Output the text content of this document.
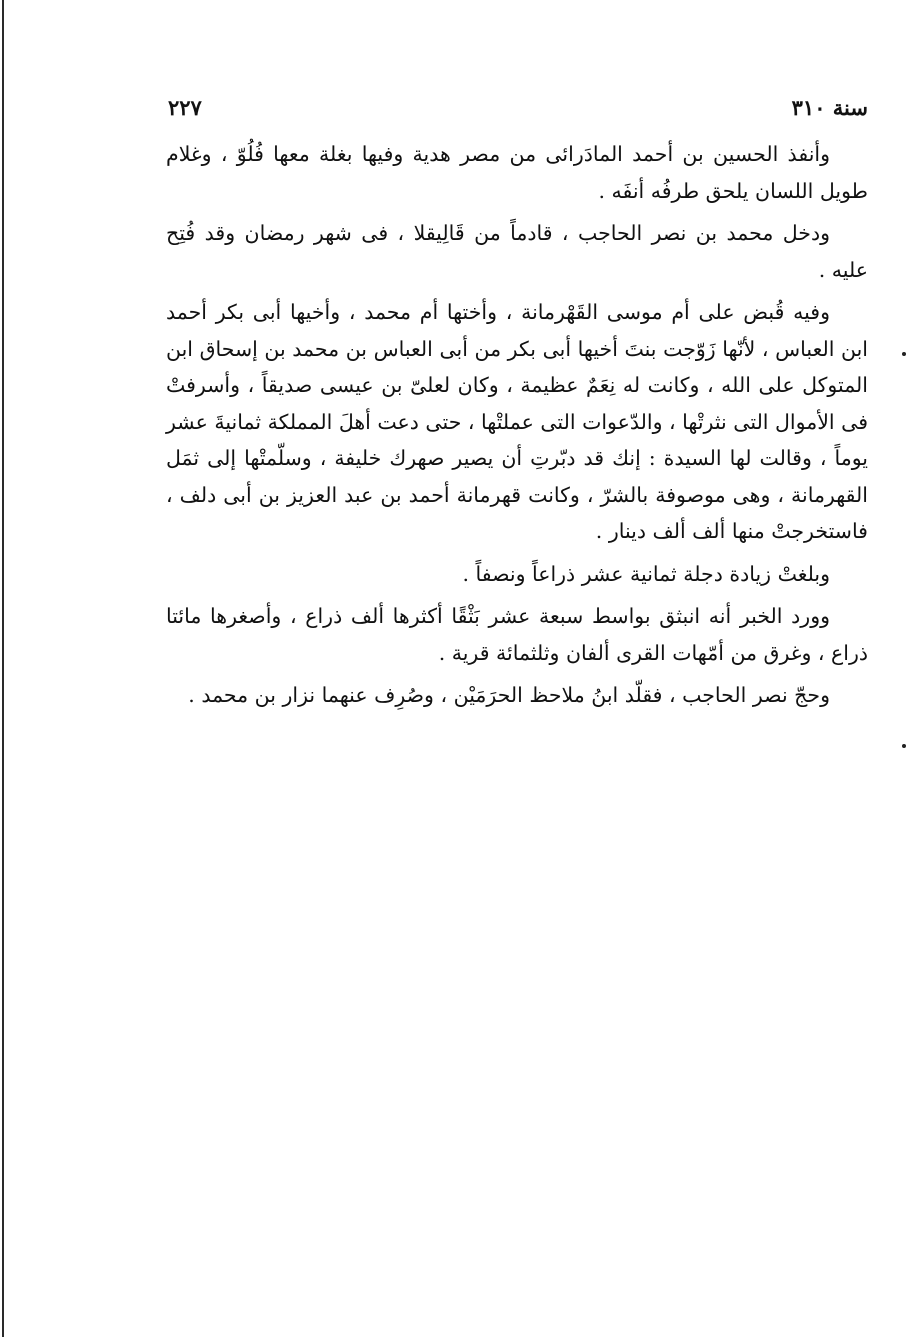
سنة ٣١٠
٢٢٧

وأنفذ الحسين بن أحمد المادَرائى من مصر هدية وفيها بغلة معها فُلُوّ ، وغلام طويل اللسان يلحق طرفُه أنفَه .

ودخل محمد بن نصر الحاجب ، قادماً من قَالِيقلا ، فى شهر رمضان وقد فُتِح عليه .

وفيه قُبض على أم موسى القَهْرمانة ، وأختها أم محمد ، وأخيها أبى بكر أحمد ابن العباس ، لأنّها زَوّجت بنتَ أخيها أبى بكر من أبى العباس بن محمد بن إسحاق ابن المتوكل على الله ، وكانت له نِعَمٌ عظيمة ، وكان لعلىّ بن عيسى صديقاً ، وأسرفتْ فى الأموال التى نثرتْها ، والدّعوات التى عملتْها ، حتى دعت أهلَ المملكة ثمانيةَ عشر يوماً ، وقالت لها السيدة : إنك قد دبّرتِ أن يصير صهرك خليفة ، وسلّمتْها إلى ثمَل القهرمانة ، وهى موصوفة بالشرّ ، وكانت قهرمانة أحمد بن عبد العزيز بن أبى دلف ، فاستخرجتْ منها ألف ألف دينار .

وبلغتْ زيادة دجلة ثمانية عشر ذراعاً ونصفاً .

وورد الخبر أنه انبثق بواسط سبعة عشر بَثْقًا أكثرها ألف ذراع ، وأصغرها مائتا ذراع ، وغرق من أمّهات القرى ألفان وثلثمائة قرية .

وحجّ نصر الحاجب ، فقلّد ابنُ ملاحظ الحرَمَيْن ، وصُرِف عنهما نزار بن محمد .
